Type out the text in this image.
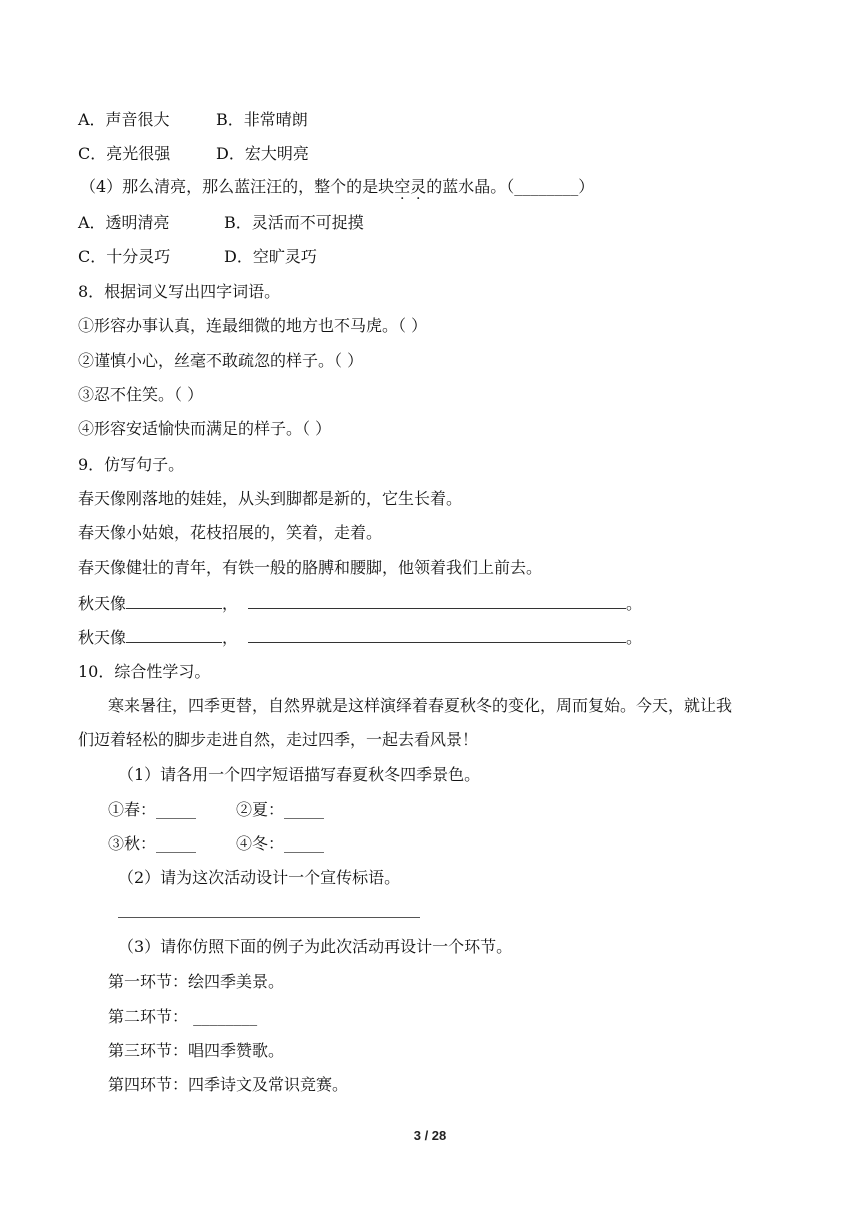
A．声音很大	B．非常晴朗
C．亮光很强	D．宏大明亮
（4）那么清亮，那么蓝汪汪的，整个的是块空灵的蓝水晶。（________）
A．透明清亮	B．灵活而不可捉摸
C．十分灵巧	D．空旷灵巧
8．根据词义写出四字词语。
①形容办事认真，连最细微的地方也不马虎。（ ）
②谨慎小心，丝毫不敢疏忽的样子。（ ）
③忍不住笑。（ ）
④形容安适愉快而满足的样子。（ ）
9．仿写句子。
春天像刚落地的娃娃，从头到脚都是新的，它生长着。
春天像小姑娘，花枝招展的，笑着，走着。
春天像健壮的青年，有铁一般的胳膊和腰脚，他领着我们上前去。
秋天像	，	。
秋天像	，	。
10．综合性学习。
寒来暑往，四季更替，自然界就是这样演绎着春夏秋冬的变化，周而复始。今天，就让我
们迈着轻松的脚步走进自然，走过四季，一起去看风景！
（1）请各用一个四字短语描写春夏秋冬四季景色。
①春：_____ ②夏：_____
③秋：_____ ④冬：_____
（2）请为这次活动设计一个宣传标语。
（3）请你仿照下面的例子为此次活动再设计一个环节。
第一环节：绘四季美景。
第二环节： ________
第三环节：唱四季赞歌。
第四环节：四季诗文及常识竞赛。
3 / 28
